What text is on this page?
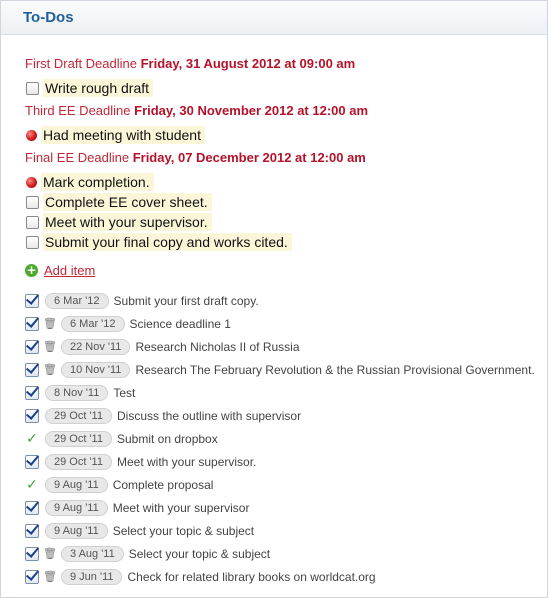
To-Dos
First Draft Deadline Friday, 31 August 2012 at 09:00 am
Write rough draft
Third EE Deadline Friday, 30 November 2012 at 12:00 am
Had meeting with student
Final EE Deadline Friday, 07 December 2012 at 12:00 am
Mark completion.
Complete EE cover sheet.
Meet with your supervisor.
Submit your final copy and works cited.
+ Add item
6 Mar '12	Submit your first draft copy.
🗑	6 Mar '12	Science deadline 1
🗑	22 Nov '11	Research Nicholas II of Russia
🗑	10 Nov '11	Research The February Revolution & the Russian Provisional Government.
8 Nov '11	Test
29 Oct '11	Discuss the outline with supervisor
✓	29 Oct '11	Submit on dropbox
29 Oct '11	Meet with your supervisor.
✓	9 Aug '11	Complete proposal
9 Aug '11	Meet with your supervisor
9 Aug '11	Select your topic & subject
🗑	3 Aug '11	Select your topic & subject
🗑	9 Jun '11	Check for related library books on worldcat.org
